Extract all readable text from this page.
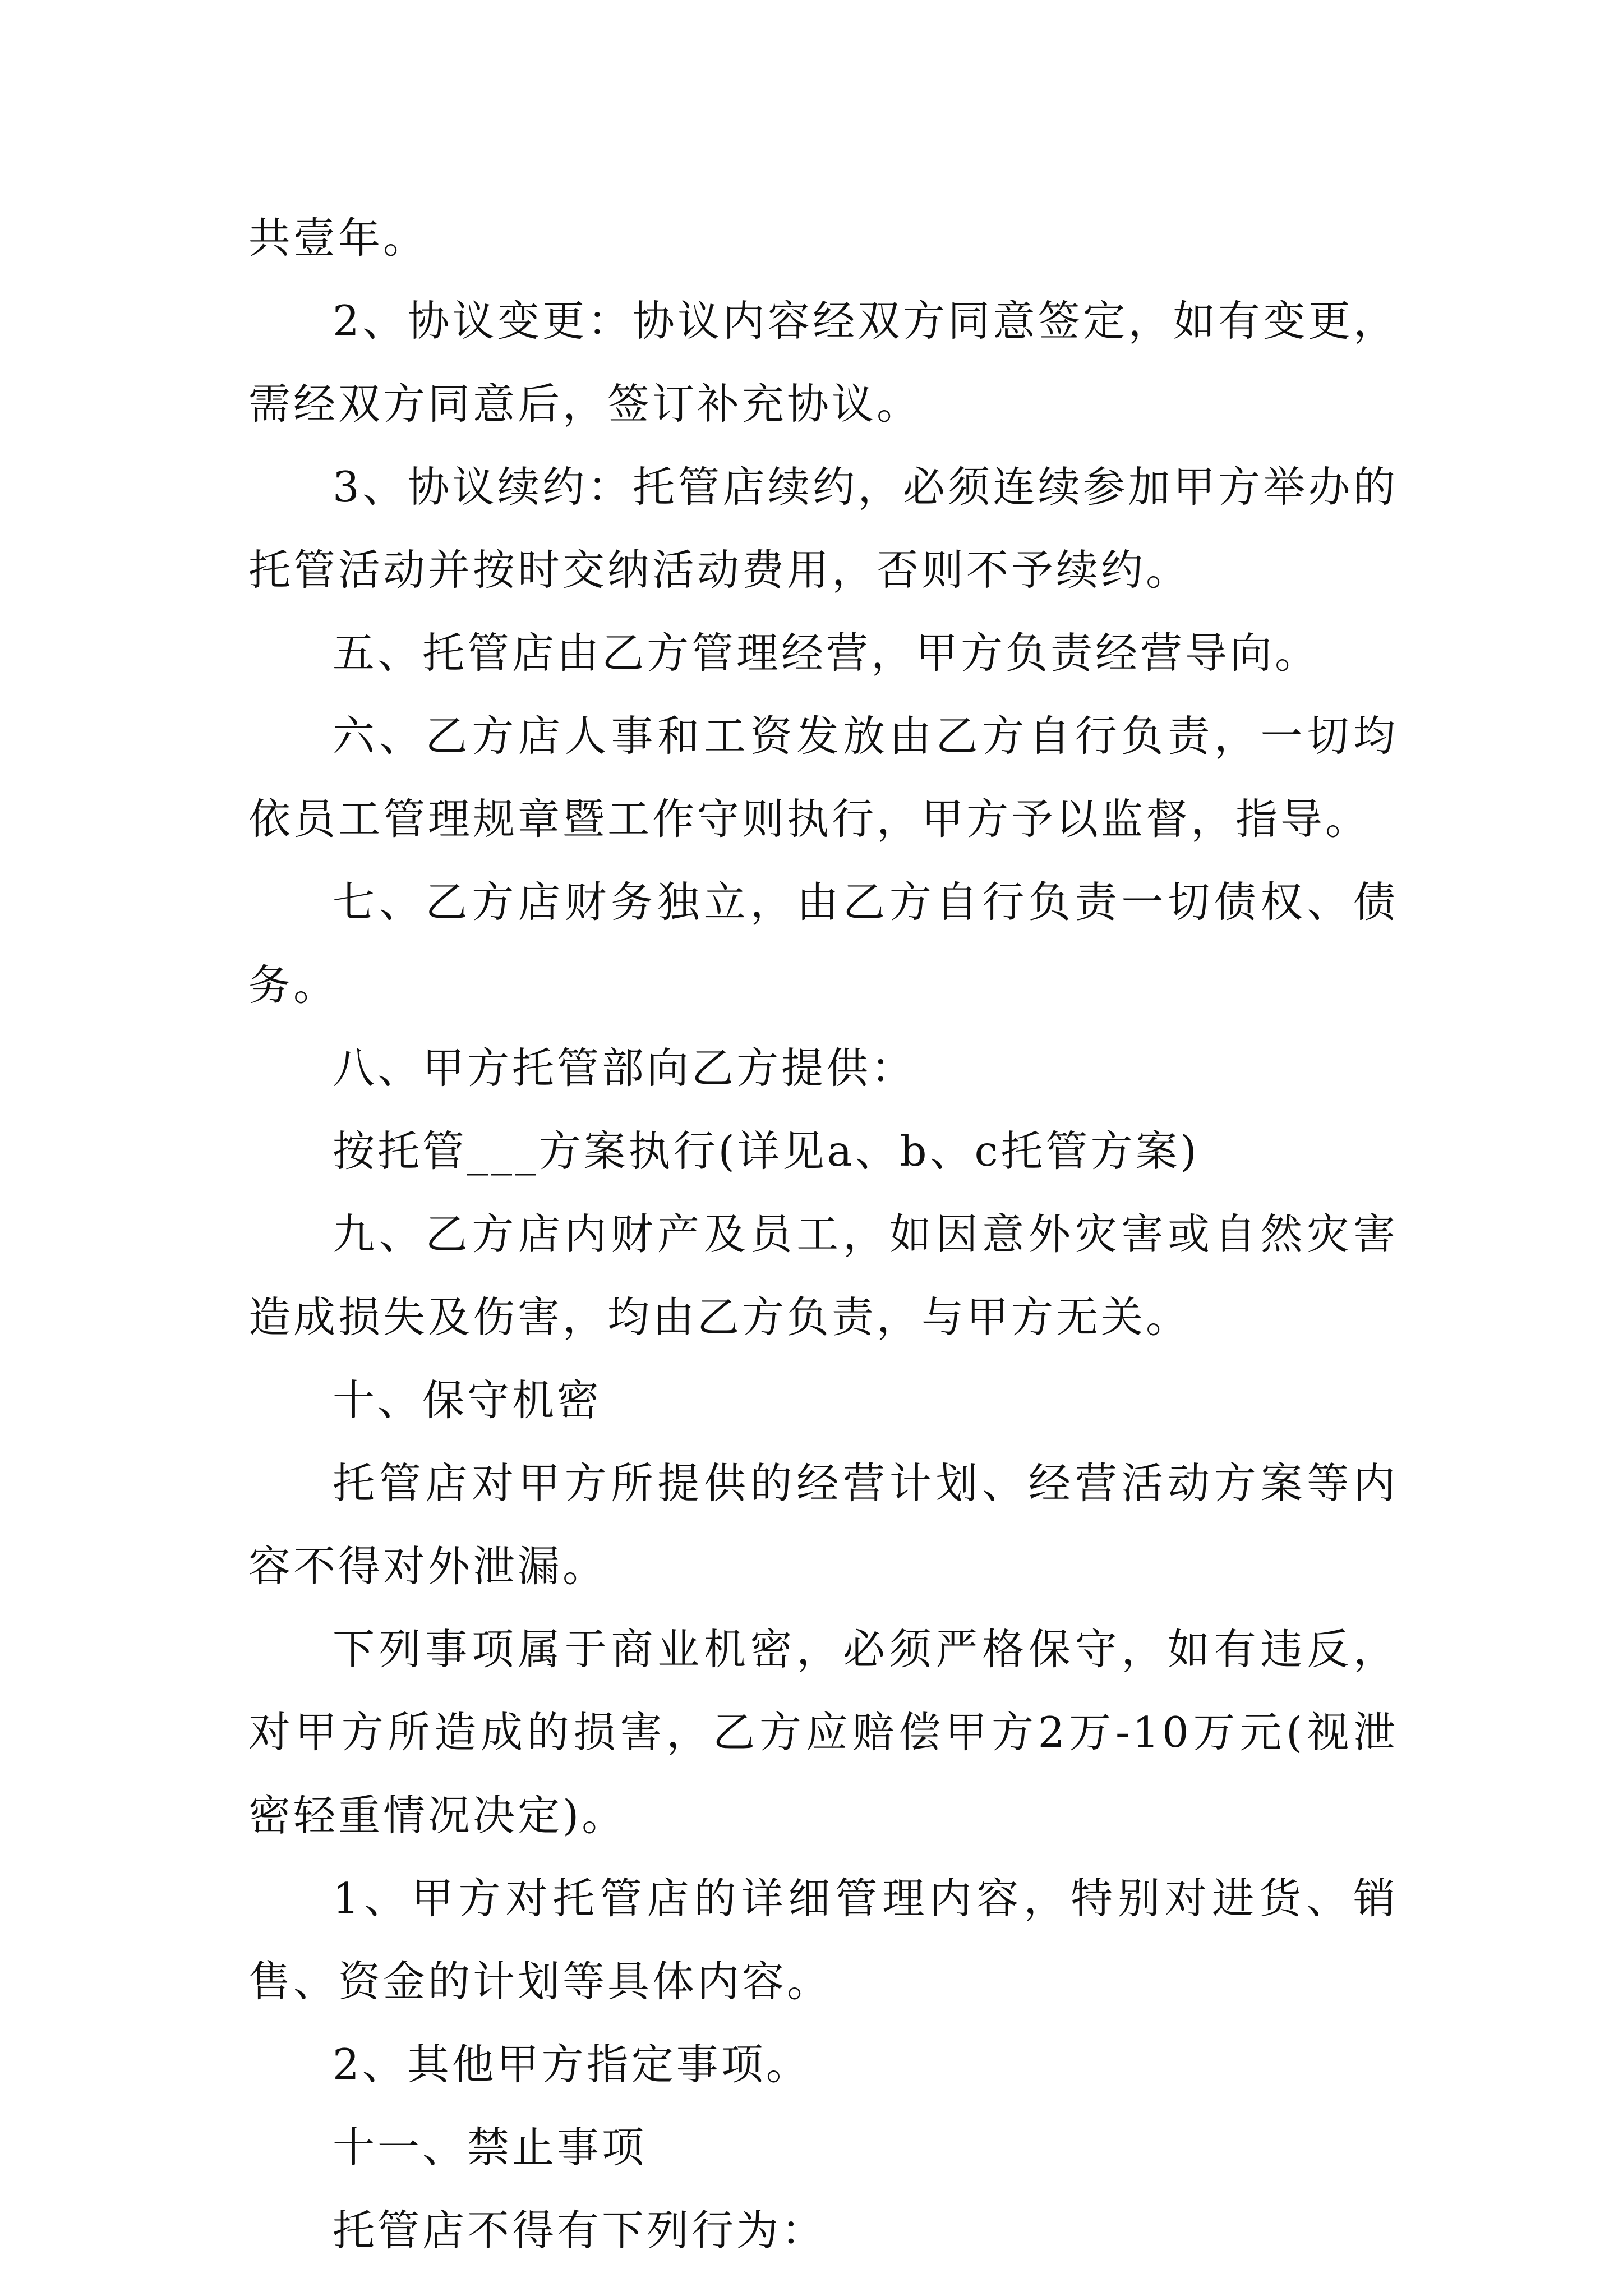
共壹年。

2、协议变更：协议内容经双方同意签定，如有变更，需经双方同意后，签订补充协议。

3、协议续约：托管店续约，必须连续参加甲方举办的托管活动并按时交纳活动费用，否则不予续约。

五、托管店由乙方管理经营，甲方负责经营导向。

六、乙方店人事和工资发放由乙方自行负责，一切均依员工管理规章暨工作守则执行，甲方予以监督，指导。

七、乙方店财务独立，由乙方自行负责一切债权、债务。

八、甲方托管部向乙方提供：

按托管___方案执行(详见a、b、c托管方案)

九、乙方店内财产及员工，如因意外灾害或自然灾害造成损失及伤害，均由乙方负责，与甲方无关。

十、保守机密

托管店对甲方所提供的经营计划、经营活动方案等内容不得对外泄漏。

下列事项属于商业机密，必须严格保守，如有违反，对甲方所造成的损害，乙方应赔偿甲方2万-10万元(视泄密轻重情况决定)。

1、甲方对托管店的详细管理内容，特别对进货、销售、资金的计划等具体内容。

2、其他甲方指定事项。

十一、禁止事项

托管店不得有下列行为：
